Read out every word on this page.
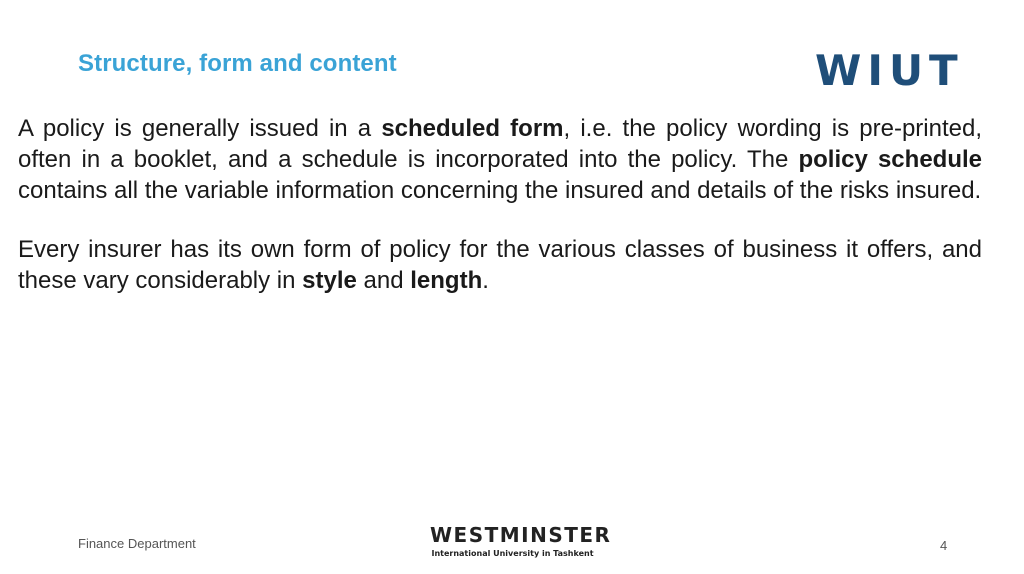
Structure, form and content	WIUT

A policy is generally issued in a scheduled form, i.e. the policy wording is pre-printed, often in a booklet, and a schedule is incorporated into the policy. The policy schedule contains all the variable information concerning the insured and details of the risks insured.

Every insurer has its own form of policy for the various classes of business it offers, and these vary considerably in style and length.

Finance Department	WESTMINSTER
International University in Tashkent
4
